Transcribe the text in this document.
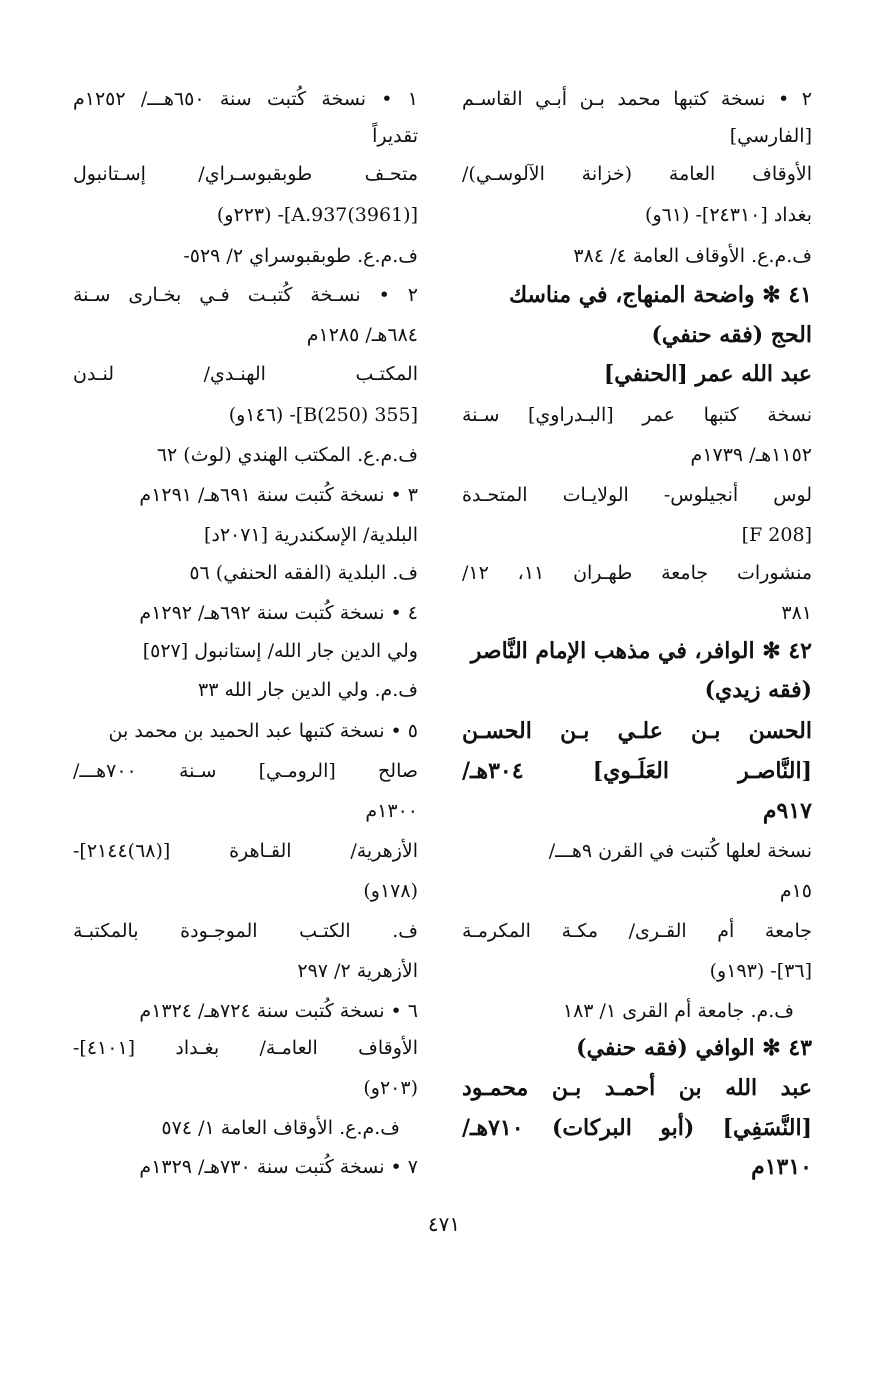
٢ • نسخة كتبها محمد بـن أبـي القاسـم
[الفارسي]
الأوقاف العامة (خزانة الآلوسـي)/
بغداد [٢٤٣١٠]- (٦١و)
ف.م.ع. الأوقاف العامة ٤/ ٣٨٤
٤١ ✻ واضحة المنهاج، في مناسك
الحج (فقه حنفي)
عبد الله عمر [الحنفي]
نسخة كتبها عمر [البـدراوي] سـنة
١١٥٢هـ/ ١٧٣٩م
لوس أنجيلوس- الولايـات المتحـدة
[F 208]
منشورات جامعة طهـران ١١، ١٢/
٣٨١
٤٢ ✻ الوافر، في مذهب الإمام النَّاصر
(فقه زيدي)
الحسن بـن علـي بـن الحسـن
[النَّاصـر العَلَـوي] ٣٠٤هـ/
٩١٧م
نسخة لعلها كُتبت في القرن ٩هـــ/
١٥م
جامعة أم القـرى/ مكـة المكرمـة
[٣٦]- (١٩٣و)
ف.م. جامعة أم القرى ١/ ١٨٣
٤٣ ✻ الوافي (فقه حنفي)
عبد الله بن أحمـد بـن محمـود
[النَّسَفِي] (أبو البركات) ٧١٠هـ/
١٣١٠م
١ • نسخة كُتبت سنة ٦٥٠هـــ/ ١٢٥٢م
تقديراً
متحـف طوبقبوسـراي/ إسـتانبول
[A.937(3961)]- (٢٢٣و)
ف.م.ع. طوبقبوسراي ٢/ ٥٢٩-
٢ • نسـخة كُتبـت فـي بخـارى سـنة
٦٨٤هـ/ ١٢٨٥م
المكتـب الهنـدي/ لنـدن
[355 B(250)]- (١٤٦و)
ف.م.ع. المكتب الهندي (لوث) ٦٢
٣ • نسخة كُتبت سنة ٦٩١هـ/ ١٢٩١م
البلدية/ الإسكندرية [٢٠٧١د]
ف. البلدية (الفقه الحنفي) ٥٦
٤ • نسخة كُتبت سنة ٦٩٢هـ/ ١٢٩٢م
ولي الدين جار الله/ إستانبول [٥٢٧]
ف.م. ولي الدين جار الله ٣٣
٥ • نسخة كتبها عبد الحميد بن محمد بن
صالح [الرومـي] سـنة ٧٠٠هـــ/
١٣٠٠م
الأزهرية/ القـاهرة [(٦٨)٢١٤٤]-
(١٧٨و)
ف. الكتـب الموجـودة بالمكتبـة
الأزهرية ٢/ ٢٩٧
٦ • نسخة كُتبت سنة ٧٢٤هـ/ ١٣٢٤م
الأوقاف العامـة/ بغـداد [٤١٠١]-
(٢٠٣و)
ف.م.ع. الأوقاف العامة ١/ ٥٧٤
٧ • نسخة كُتبت سنة ٧٣٠هـ/ ١٣٢٩م
٤٧١
